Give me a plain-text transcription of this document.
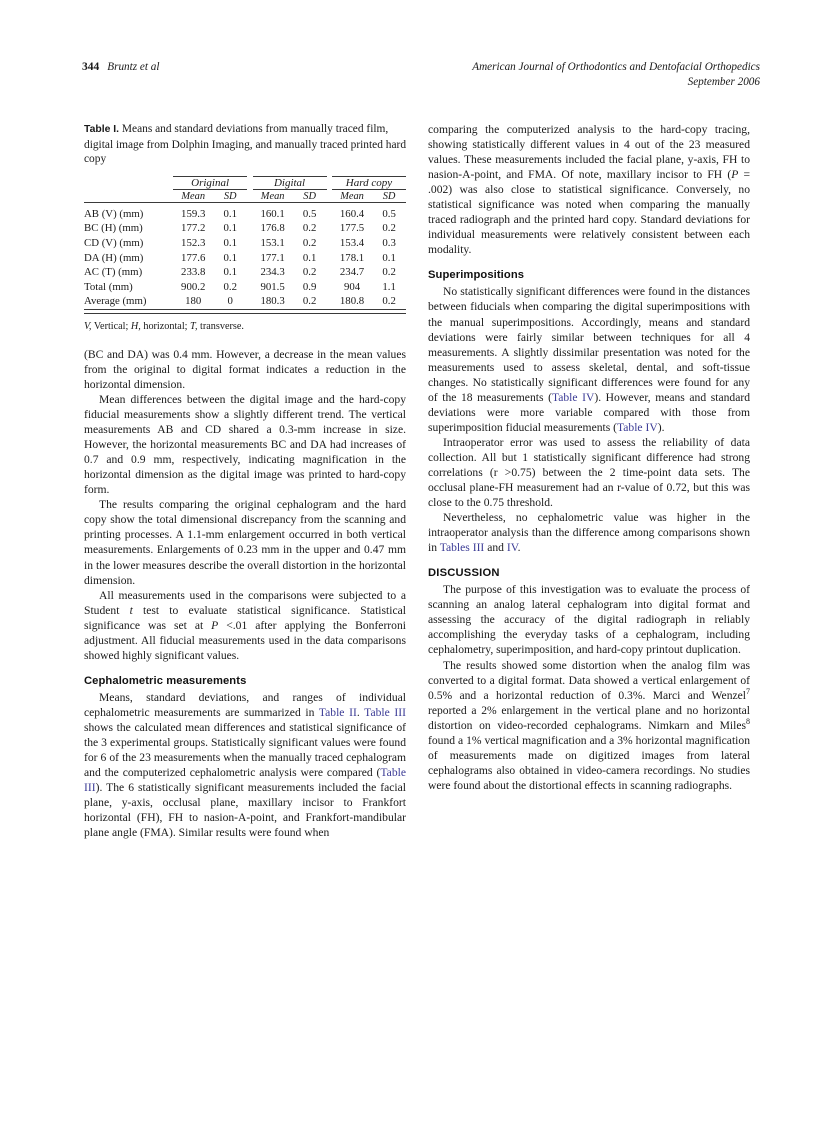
344 Bruntz et al	American Journal of Orthodontics and Dentofacial Orthopedics
September 2006
Table I. Means and standard deviations from manually traced film, digital image from Dolphin Imaging, and manually traced printed hard copy
	Original			Digital			Hard copy	

	Mean	SD		Mean	SD		Mean	SD
AB (V) (mm)	159.3	0.1		160.1	0.5		160.4	0.5
BC (H) (mm)	177.2	0.1		176.8	0.2		177.5	0.2
CD (V) (mm)	152.3	0.1		153.1	0.2		153.4	0.3
DA (H) (mm)	177.6	0.1		177.1	0.1		178.1	0.1
AC (T) (mm)	233.8	0.1		234.3	0.2		234.7	0.2
Total (mm)	900.2	0.2		901.5	0.9		904	1.1
Average (mm)	180	0		180.3	0.2		180.8	0.2

V, Vertical; H, horizontal; T, transverse.

(BC and DA) was 0.4 mm. However, a decrease in the mean values from the original to digital format indicates a reduction in the horizontal dimension.

Mean differences between the digital image and the hard-copy fiducial measurements show a slightly different trend. The vertical measurements AB and CD shared a 0.3-mm increase in size. However, the horizontal measurements BC and DA had increases of 0.7 and 0.9 mm, respectively, indicating magnification in the horizontal dimension as the digital image was printed to hard-copy form.

The results comparing the original cephalogram and the hard copy show the total dimensional discrepancy from the scanning and printing processes. A 1.1-mm enlargement occurred in both vertical measurements. Enlargements of 0.23 mm in the upper and 0.47 mm in the lower measures describe the overall distortion in the horizontal dimension.

All measurements used in the comparisons were subjected to a Student t test to evaluate statistical significance. Statistical significance was set at P <.01 after applying the Bonferroni adjustment. All fiducial measurements used in the data comparisons showed highly significant values.

Cephalometric measurements

Means, standard deviations, and ranges of individual cephalometric measurements are summarized in Table II. Table III shows the calculated mean differences and statistical significance of the 3 experimental groups. Statistically significant values were found for 6 of the 23 measurements when the manually traced cephalogram and the computerized cephalometric analysis were compared (Table III). The 6 statistically significant measurements included the facial plane, y-axis, occlusal plane, maxillary incisor to Frankfort horizontal (FH), FH to nasion-A-point, and Frankfort-mandibular plane angle (FMA). Similar results were found when

comparing the computerized analysis to the hard-copy tracing, showing statistically different values in 4 out of the 23 measured values. These measurements included the facial plane, y-axis, FH to nasion-A-point, and FMA. Of note, maxillary incisor to FH (P = .002) was also close to statistical significance. Conversely, no statistical significance was noted when comparing the manually traced radiograph and the printed hard copy. Standard deviations for individual measurements were relatively consistent between each modality.

Superimpositions

No statistically significant differences were found in the distances between fiducials when comparing the digital superimpositions with the manual superimpositions. Accordingly, means and standard deviations were fairly similar between techniques for all 4 measurements. A slightly dissimilar presentation was noted for the measurements used to assess skeletal, dental, and soft-tissue changes. No statistically significant differences were found for any of the 18 measurements (Table IV). However, means and standard deviations were more variable compared with those from superimposition fiducial measurements (Table IV).

Intraoperator error was used to assess the reliability of data collection. All but 1 statistically significant difference had strong correlations (r >0.75) between the 2 time-point data sets. The occlusal plane-FH measurement had an r-value of 0.72, but this was close to the 0.75 threshold.

Nevertheless, no cephalometric value was higher in the intraoperator analysis than the difference among comparisons shown in Tables III and IV.

DISCUSSION

The purpose of this investigation was to evaluate the process of scanning an analog lateral cephalogram into digital format and assessing the accuracy of the digital radiograph in reliably accomplishing the everyday tasks of a cephalogram, including cephalometry, superimposition, and hard-copy printout duplication.

The results showed some distortion when the analog film was converted to a digital format. Data showed a vertical enlargement of 0.5% and a horizontal reduction of 0.3%. Marci and Wenzel$^7$ reported a 2% enlargement in the vertical plane and no horizontal distortion on video-recorded cephalograms. Nimkarn and Miles$^8$ found a 1% vertical magnification and a 3% horizontal magnification of measurements made on digitized images from lateral cephalograms also obtained in video-camera recordings. No studies were found about the distortional effects in scanning radiographs.
